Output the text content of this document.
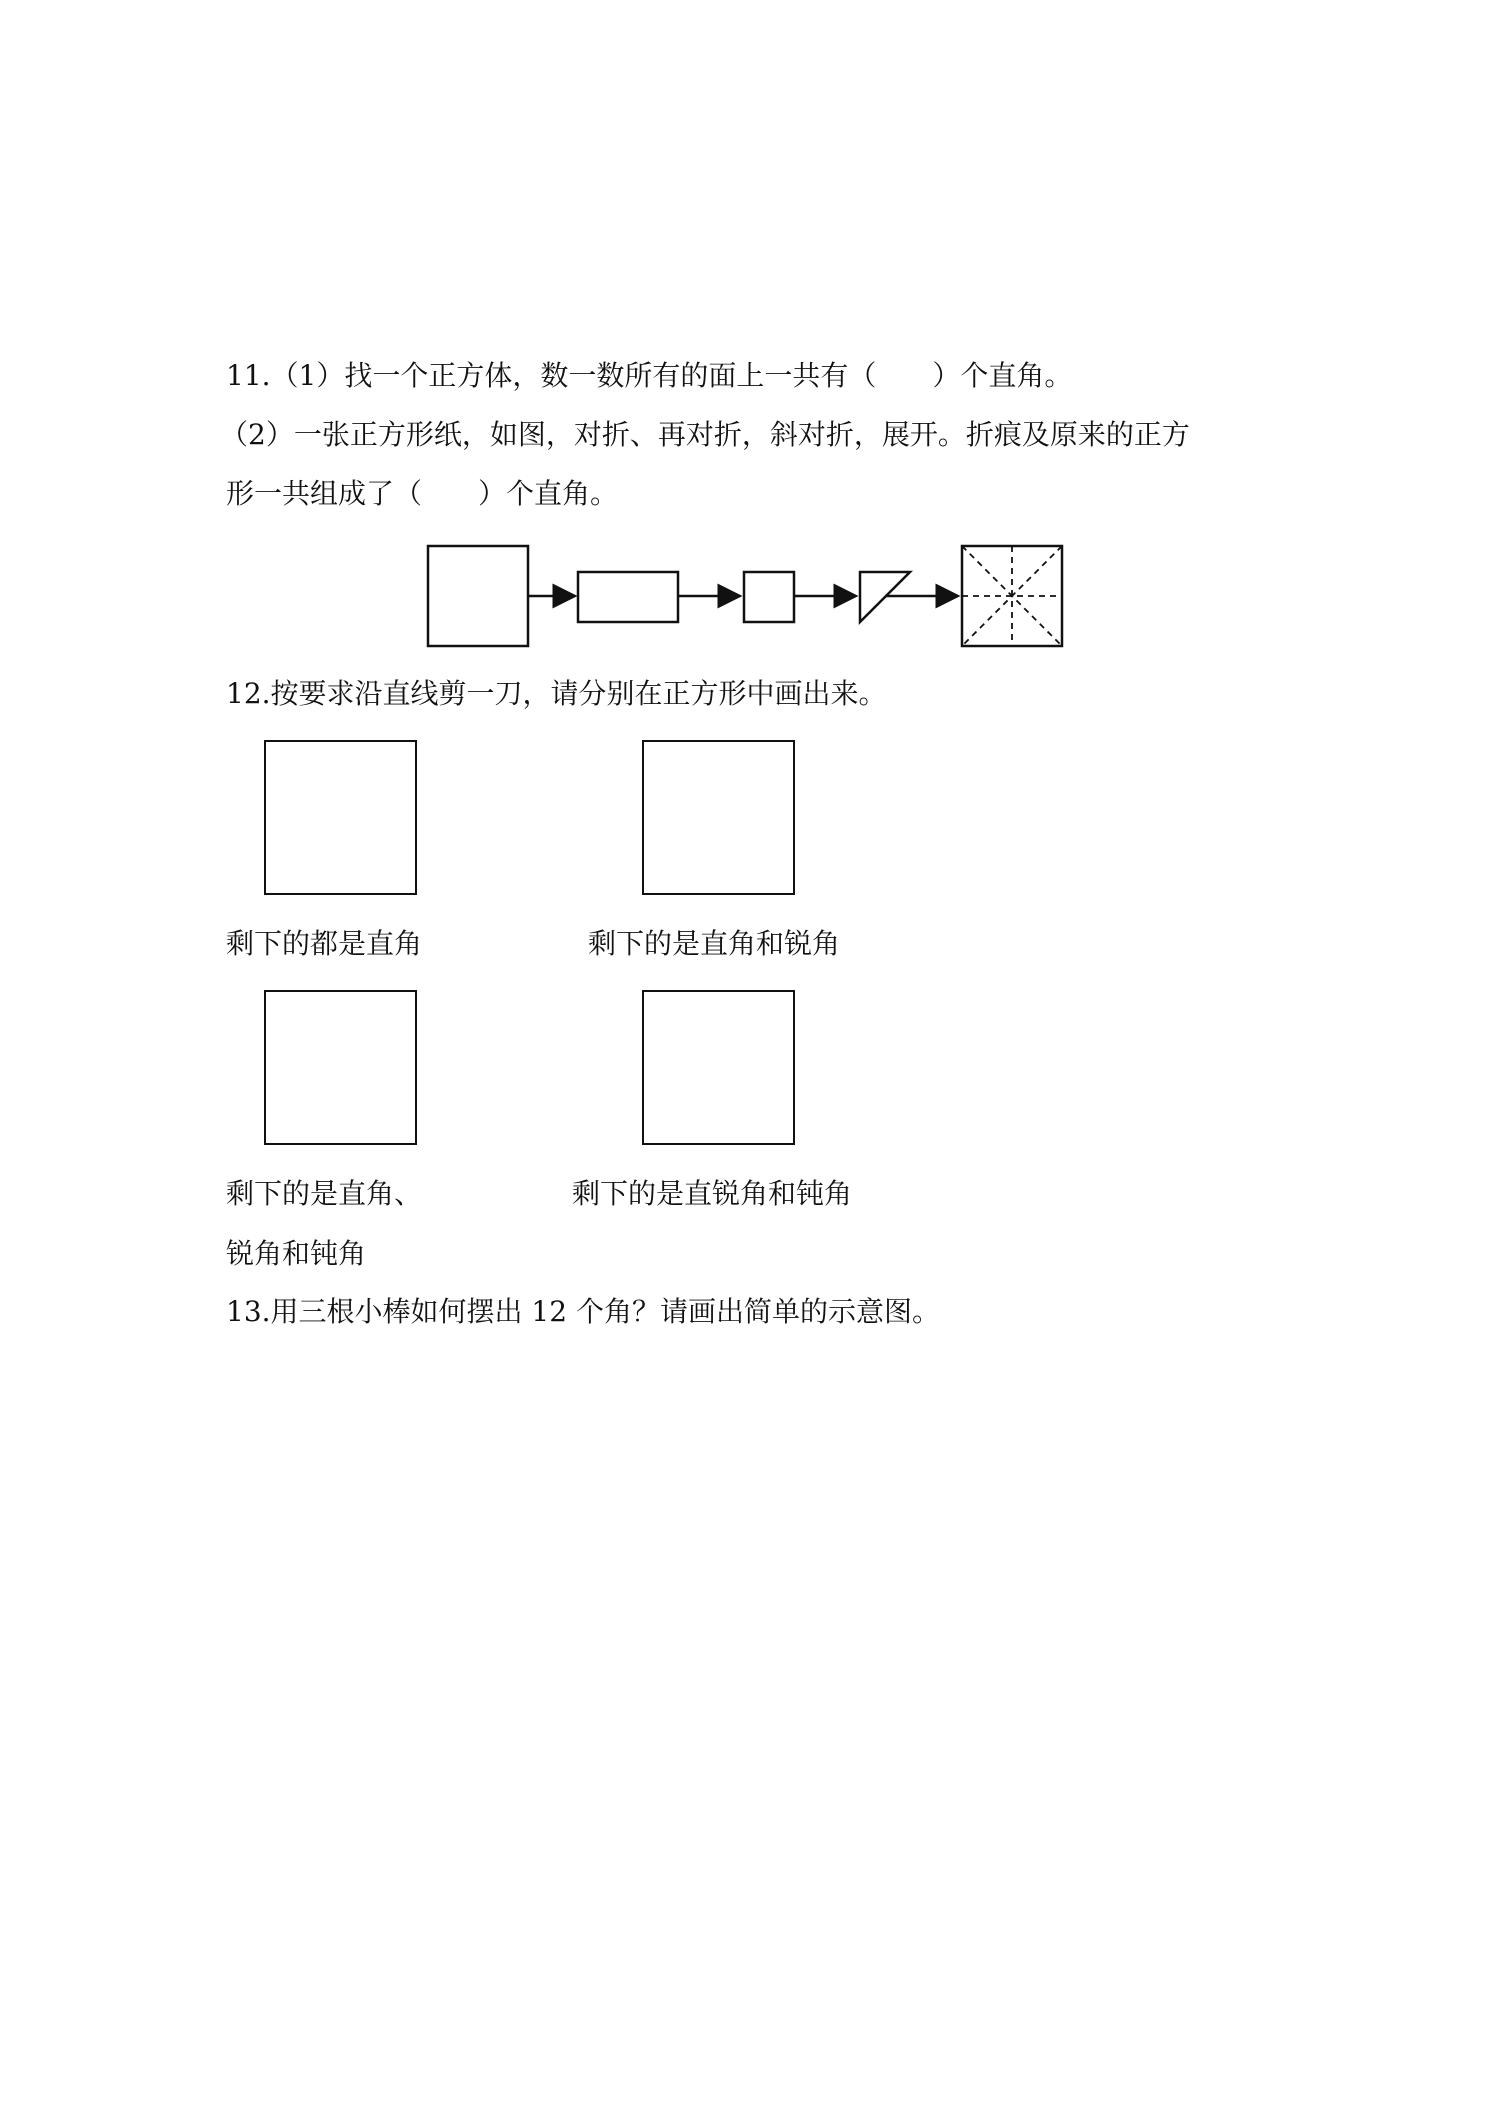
11.（1）找一个正方体，数一数所有的面上一共有（　　）个直角。
（2）一张正方形纸，如图，对折、再对折，斜对折，展开。折痕及原来的正方
形一共组成了（　　）个直角。
12.按要求沿直线剪一刀，请分别在正方形中画出来。
剩下的都是直角	剩下的是直角和锐角
剩下的是直角、
锐角和钝角
剩下的是直锐角和钝角
13.用三根小棒如何摆出 12 个角？请画出简单的示意图。
